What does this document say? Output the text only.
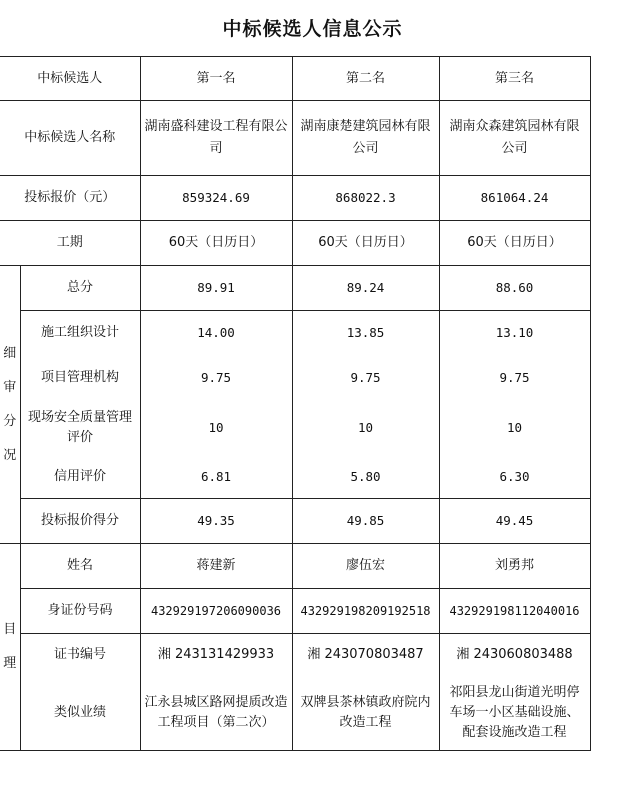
中标候选人信息公示
中标候选人		第一名	第二名	第三名
中标候选人名称		湖南盛科建设工程有限公司	湖南康楚建筑园林有限公司	湖南众森建筑园林有限公司
投标报价（元）		859324.69	868022.3	861064.24
工期		60天（日历日）	60天（日历日）	60天（日历日）

细
审
分
况	总分	89.91	89.24	88.60
	施工组织设计	14.00	13.85	13.10
	项目管理机构	9.75	9.75	9.75
	现场安全质量管理评价	10	10	10
	信用评价	6.81	5.80	6.30
	投标报价得分	49.35	49.85	49.45

目
理	姓名	蒋建新	廖伍宏	刘勇邦
	身证份号码	432929197206090036	432929198209192518	432929198112040016
	证书编号	湘 243131429933	湘 243070803487	湘 243060803488
	类似业绩	江永县城区路网提质改造工程项目（第二次）	双牌县茶林镇政府院内改造工程	祁阳县龙山街道光明停车场一小区基础设施、配套设施改造工程
